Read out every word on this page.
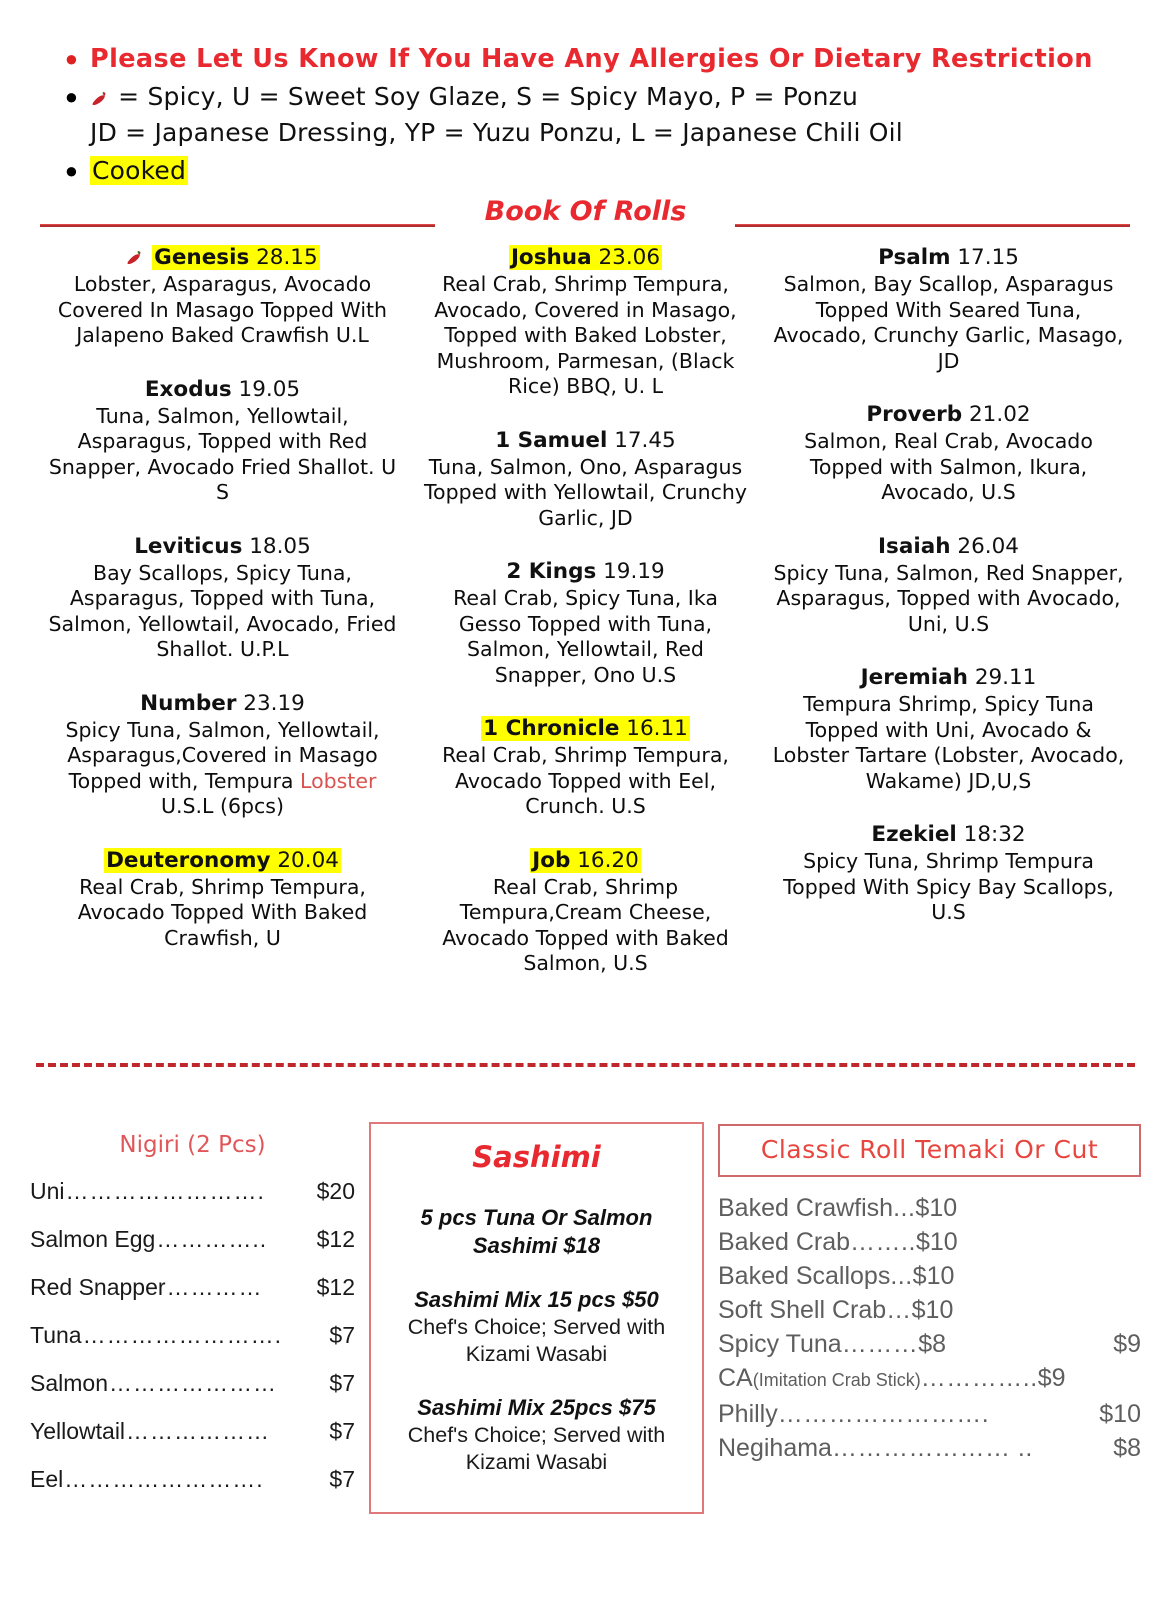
● Please Let Us Know If You Have Any Allergies Or Dietary Restriction
●	= Spicy, U = Sweet Soy Glaze, S = Spicy Mayo, P = Ponzu
JD = Japanese Dressing, YP = Yuzu Ponzu, L = Japanese Chili Oil
● Cooked
Book Of Rolls
Genesis 28.15
Lobster, Asparagus, Avocado Covered In Masago Topped With Jalapeno Baked Crawfish U.L
Exodus 19.05
Tuna, Salmon, Yellowtail, Asparagus, Topped with Red Snapper, Avocado Fried Shallot. U S
Leviticus 18.05
Bay Scallops, Spicy Tuna, Asparagus, Topped with Tuna, Salmon, Yellowtail, Avocado, Fried Shallot. U.P.L
Number 23.19
Spicy Tuna, Salmon, Yellowtail, Asparagus,Covered in Masago Topped with, Tempura Lobster U.S.L (6pcs)
Deuteronomy 20.04
Real Crab, Shrimp Tempura, Avocado Topped With Baked Crawfish, U
Joshua 23.06
Real Crab, Shrimp Tempura, Avocado, Covered in Masago, Topped with Baked Lobster, Mushroom, Parmesan, (Black Rice) BBQ, U. L
1 Samuel 17.45
Tuna, Salmon, Ono, Asparagus Topped with Yellowtail, Crunchy Garlic, JD
2 Kings 19.19
Real Crab, Spicy Tuna, Ika Gesso Topped with Tuna, Salmon, Yellowtail, Red Snapper, Ono U.S
1 Chronicle 16.11
Real Crab, Shrimp Tempura, Avocado Topped with Eel, Crunch. U.S
Job 16.20
Real Crab, Shrimp Tempura,Cream Cheese, Avocado Topped with Baked Salmon, U.S
Psalm 17.15
Salmon, Bay Scallop, Asparagus Topped With Seared Tuna, Avocado, Crunchy Garlic, Masago, JD
Proverb 21.02
Salmon, Real Crab, Avocado Topped with Salmon, Ikura, Avocado, U.S
Isaiah 26.04
Spicy Tuna, Salmon, Red Snapper, Asparagus, Topped with Avocado, Uni, U.S
Jeremiah 29.11
Tempura Shrimp, Spicy Tuna Topped with Uni, Avocado & Lobster Tartare (Lobster, Avocado, Wakame) JD,U,S
Ezekiel 18:32
Spicy Tuna, Shrimp Tempura Topped With Spicy Bay Scallops, U.S
Nigiri (2 Pcs)
Uni …………………….	$20
Salmon Egg …………..	$12
Red Snapper …………	$12
Tuna …………………….	$7
Salmon …………………	$7
Yellowtail ………………	$7
Eel …………………….	$7
Sashimi
5 pcs Tuna Or Salmon
Sashimi $18
Sashimi Mix 15 pcs $50
Chef's Choice; Served with Kizami Wasabi
Sashimi Mix 25pcs $75
Chef's Choice; Served with Kizami Wasabi
Classic Roll Temaki Or Cut
Baked Crawfish ... $10
Baked Crab …….. $10
Baked Scallops ... $10
Soft Shell Crab … $10
Spicy Tuna ……… $8	$9
CA (Imitation Crab Stick) ………….. $9
Philly …………………….	$10
Negihama ………………… ..	$8
